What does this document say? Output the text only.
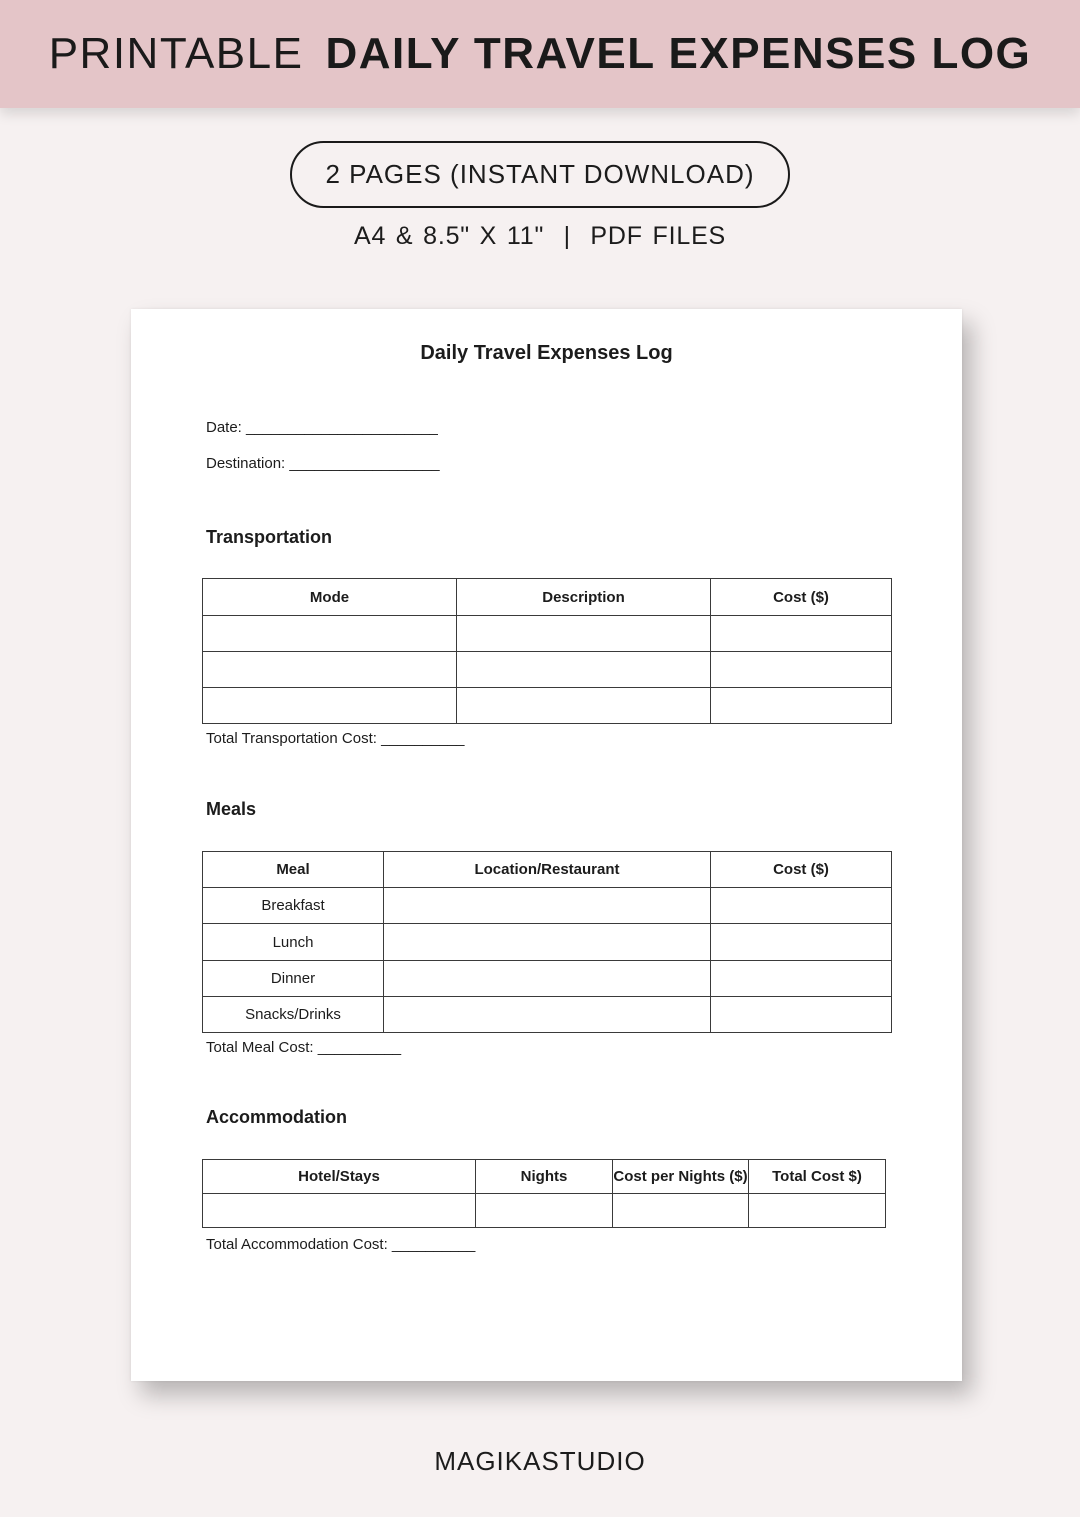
PRINTABLE DAILY TRAVEL EXPENSES LOG
2 PAGES (INSTANT DOWNLOAD)
A4 & 8.5" X 11"  |  PDF FILES
Daily Travel Expenses Log
Date: _______________________
Destination: __________________
Transportation
Mode	Description	Cost ($)

Total Transportation Cost: __________
Meals
Meal	Location/Restaurant	Cost ($)
Breakfast		
Lunch		
Dinner		
Snacks/Drinks		
Total Meal Cost: __________
Accommodation
Hotel/Stays	Nights	Cost per Nights ($)	Total Cost $)

Total Accommodation Cost: __________
MAGIKASTUDIO
